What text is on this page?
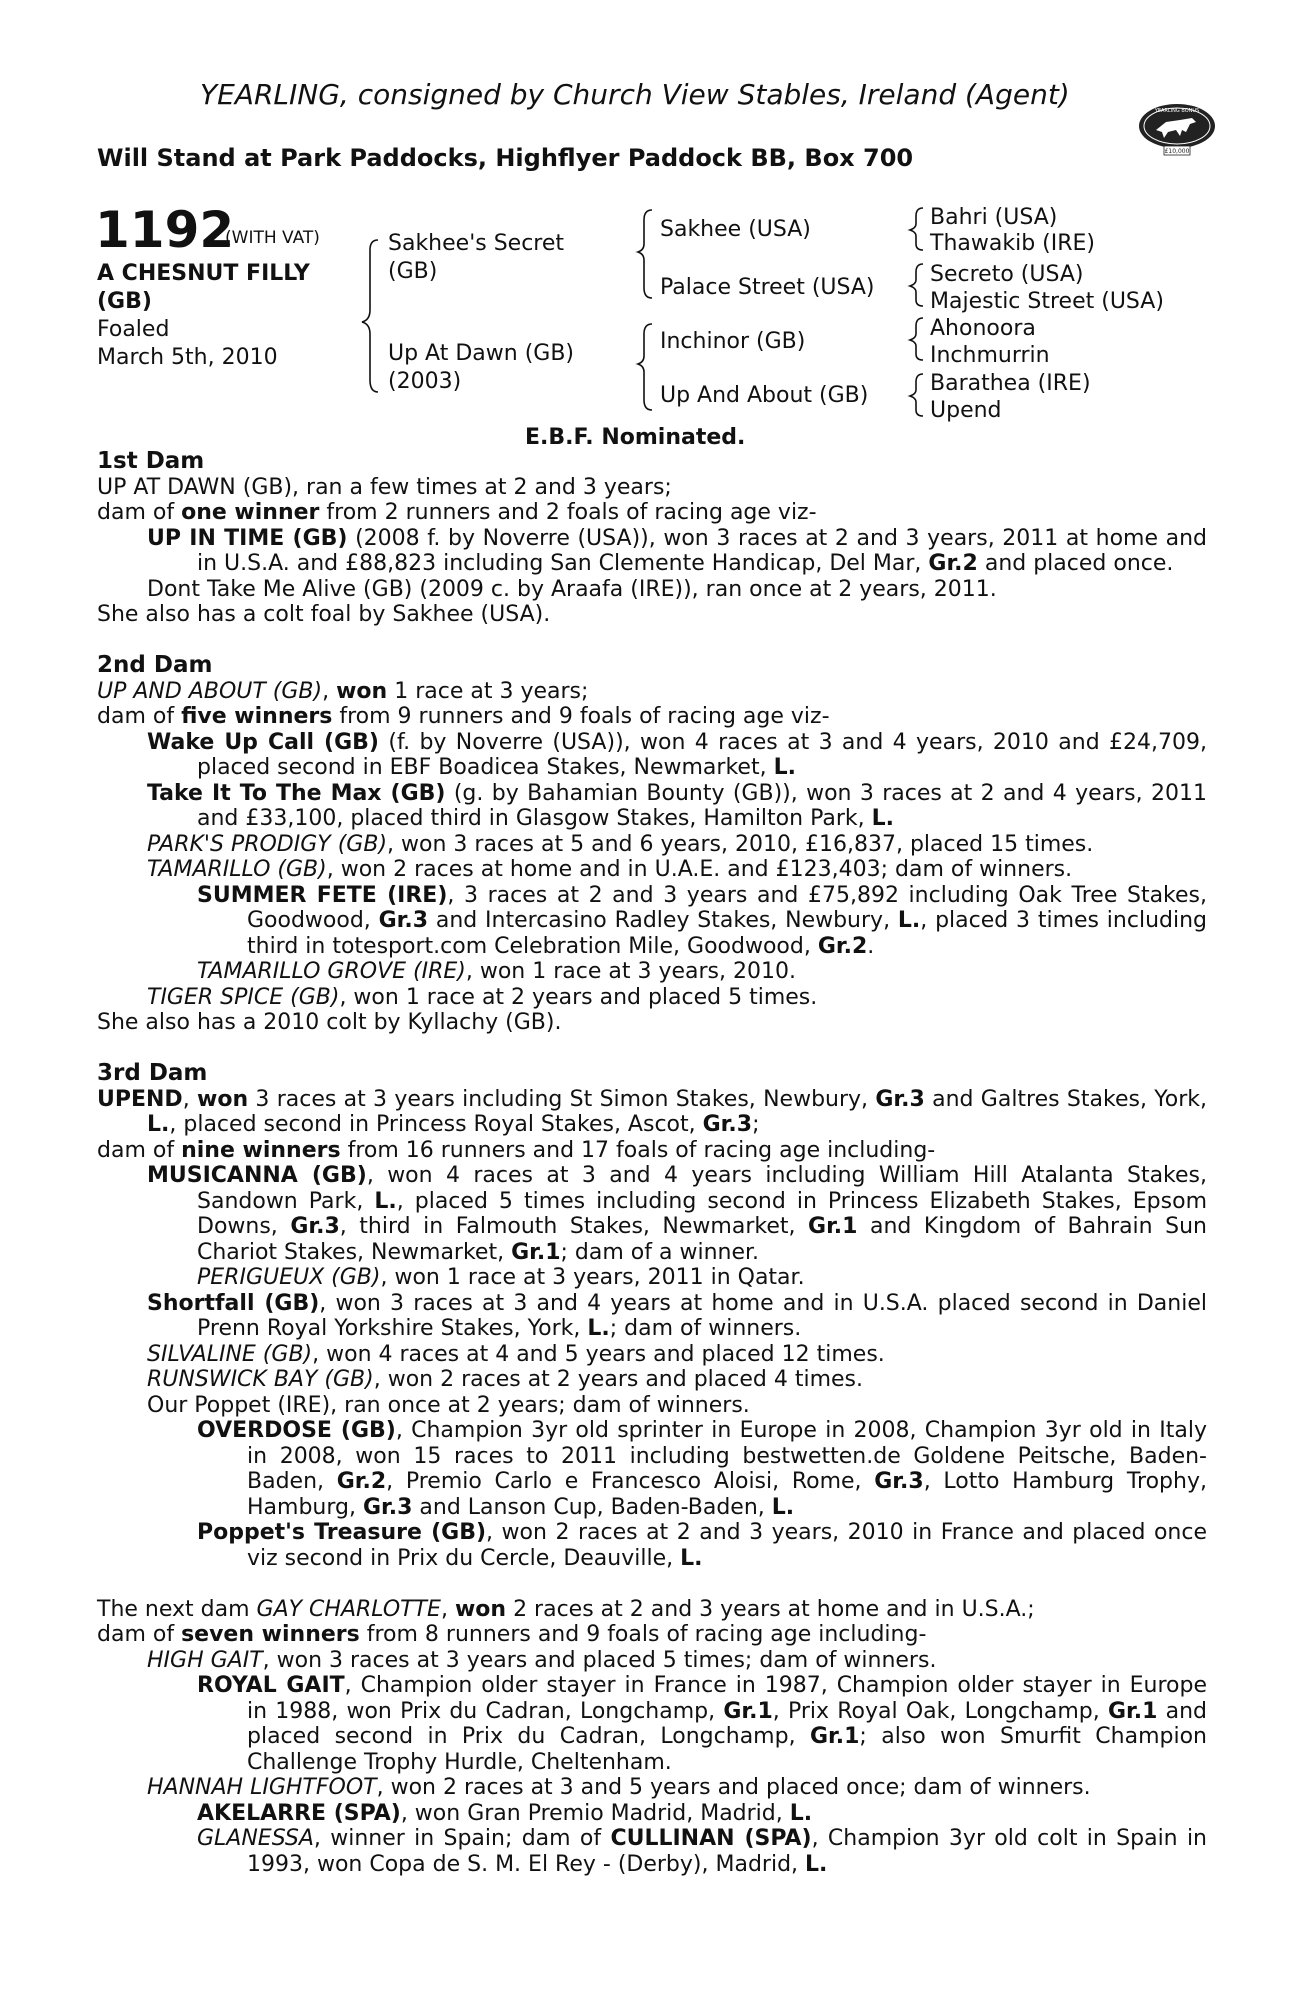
YEARLING, consigned by Church View Stables, Ireland (Agent)
Will Stand at Park Paddocks, Highflyer Paddock BB, Box 700
YEARLING BONUS
£10,000
1192
(WITH VAT)
A CHESNUT FILLY
(GB)
Foaled
March 5th, 2010
Sakhee's Secret
(GB)
Up At Dawn (GB)
(2003)
Sakhee (USA)
Palace Street (USA)
Inchinor (GB)
Up And About (GB)
Bahri (USA)
Thawakib (IRE)
Secreto (USA)
Majestic Street (USA)
Ahonoora
Inchmurrin
Barathea (IRE)
Upend
E.B.F. Nominated.

1st Dam

UP AT DAWN (GB), ran a few times at 2 and 3 years;

dam of one winner from 2 runners and 2 foals of racing age viz-

UP IN TIME (GB) (2008 f. by Noverre (USA)), won 3 races at 2 and 3 years, 2011 at home and in U.S.A. and £88,823 including San Clemente Handicap, Del Mar, Gr.2 and placed once.

Dont Take Me Alive (GB) (2009 c. by Araafa (IRE)), ran once at 2 years, 2011.

She also has a colt foal by Sakhee (USA).

2nd Dam

UP AND ABOUT (GB), won 1 race at 3 years;

dam of five winners from 9 runners and 9 foals of racing age viz-

Wake Up Call (GB) (f. by Noverre (USA)), won 4 races at 3 and 4 years, 2010 and £24,709, placed second in EBF Boadicea Stakes, Newmarket, L.

Take It To The Max (GB) (g. by Bahamian Bounty (GB)), won 3 races at 2 and 4 years, 2011 and £33,100, placed third in Glasgow Stakes, Hamilton Park, L.

PARK'S PRODIGY (GB), won 3 races at 5 and 6 years, 2010, £16,837, placed 15 times.

TAMARILLO (GB), won 2 races at home and in U.A.E. and £123,403; dam of winners.

SUMMER FETE (IRE), 3 races at 2 and 3 years and £75,892 including Oak Tree Stakes, Goodwood, Gr.3 and Intercasino Radley Stakes, Newbury, L., placed 3 times including third in totesport.com Celebration Mile, Goodwood, Gr.2.

TAMARILLO GROVE (IRE), won 1 race at 3 years, 2010.

TIGER SPICE (GB), won 1 race at 2 years and placed 5 times.

She also has a 2010 colt by Kyllachy (GB).

3rd Dam

UPEND, won 3 races at 3 years including St Simon Stakes, Newbury, Gr.3 and Galtres Stakes, York, L., placed second in Princess Royal Stakes, Ascot, Gr.3;

dam of nine winners from 16 runners and 17 foals of racing age including-

MUSICANNA (GB), won 4 races at 3 and 4 years including William Hill Atalanta Stakes, Sandown Park, L., placed 5 times including second in Princess Elizabeth Stakes, Epsom Downs, Gr.3, third in Falmouth Stakes, Newmarket, Gr.1 and Kingdom of Bahrain Sun Chariot Stakes, Newmarket, Gr.1; dam of a winner.

PERIGUEUX (GB), won 1 race at 3 years, 2011 in Qatar.

Shortfall (GB), won 3 races at 3 and 4 years at home and in U.S.A. placed second in Daniel Prenn Royal Yorkshire Stakes, York, L.; dam of winners.

SILVALINE (GB), won 4 races at 4 and 5 years and placed 12 times.

RUNSWICK BAY (GB), won 2 races at 2 years and placed 4 times.

Our Poppet (IRE), ran once at 2 years; dam of winners.

OVERDOSE (GB), Champion 3yr old sprinter in Europe in 2008, Champion 3yr old in Italy in 2008, won 15 races to 2011 including bestwetten.de Goldene Peitsche, Baden-Baden, Gr.2, Premio Carlo e Francesco Aloisi, Rome, Gr.3, Lotto Hamburg Trophy, Hamburg, Gr.3 and Lanson Cup, Baden-Baden, L.

Poppet's Treasure (GB), won 2 races at 2 and 3 years, 2010 in France and placed once viz second in Prix du Cercle, Deauville, L.

The next dam GAY CHARLOTTE, won 2 races at 2 and 3 years at home and in U.S.A.;

dam of seven winners from 8 runners and 9 foals of racing age including-

HIGH GAIT, won 3 races at 3 years and placed 5 times; dam of winners.

ROYAL GAIT, Champion older stayer in France in 1987, Champion older stayer in Europe in 1988, won Prix du Cadran, Longchamp, Gr.1, Prix Royal Oak, Longchamp, Gr.1 and placed second in Prix du Cadran, Longchamp, Gr.1; also won Smurfit Champion Challenge Trophy Hurdle, Cheltenham.

HANNAH LIGHTFOOT, won 2 races at 3 and 5 years and placed once; dam of winners.

AKELARRE (SPA), won Gran Premio Madrid, Madrid, L.

GLANESSA, winner in Spain; dam of CULLINAN (SPA), Champion 3yr old colt in Spain in 1993, won Copa de S. M. El Rey - (Derby), Madrid, L.
